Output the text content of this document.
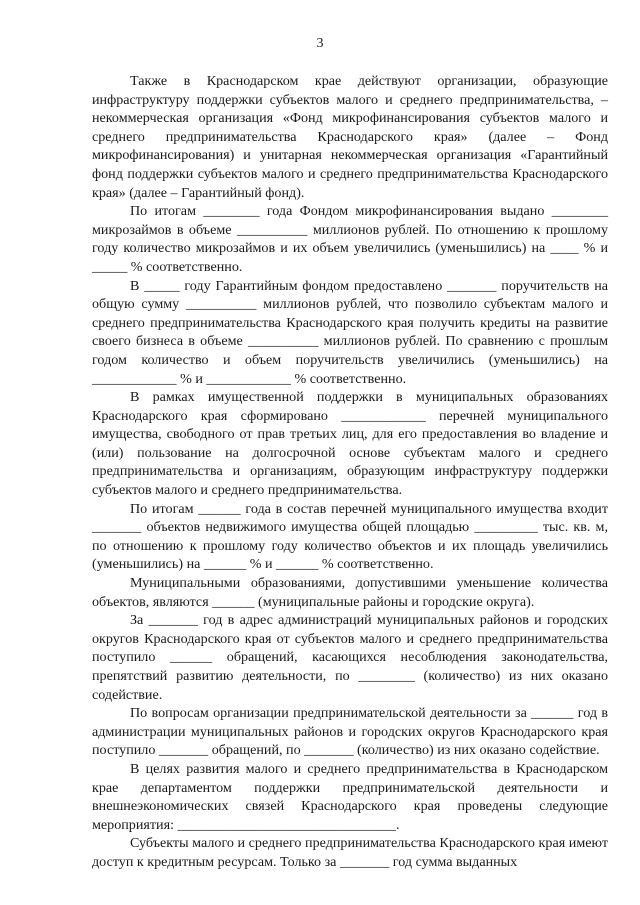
3

Также в Краснодарском крае действуют организации, образующие инфраструктуру поддержки субъектов малого и среднего предпринимательства, – некоммерческая организация «Фонд микрофинансирования субъектов малого и среднего предпринимательства Краснодарского края» (далее – Фонд микрофинансирования) и унитарная некоммерческая организация «Гарантийный фонд поддержки субъектов малого и среднего предпринимательства Краснодарского края» (далее – Гарантийный фонд).

По итогам ________ года Фондом микрофинансирования выдано ________ микрозаймов в объеме __________ миллионов рублей. По отношению к прошлому году количество микрозаймов и их объем увеличились (уменьшились) на ____ % и _____ % соответственно.

В _____ году Гарантийным фондом предоставлено _______ поручительств на общую сумму __________ миллионов рублей, что позволило субъектам малого и среднего предпринимательства Краснодарского края получить кредиты на развитие своего бизнеса в объеме __________ миллионов рублей. По сравнению с прошлым годом количество и объем поручительств увеличились (уменьшились) на ____________ % и ____________ % соответственно.

В рамках имущественной поддержки в муниципальных образованиях Краснодарского края сформировано ____________ перечней муниципального имущества, свободного от прав третьих лиц, для его предоставления во владение и (или) пользование на долгосрочной основе субъектам малого и среднего предпринимательства и организациям, образующим инфраструктуру поддержки субъектов малого и среднего предпринимательства.

По итогам ______ года в состав перечней муниципального имущества входит _______ объектов недвижимого имущества общей площадью _________ тыс. кв. м, по отношению к прошлому году количество объектов и их площадь увеличились (уменьшились) на ______ % и ______ % соответственно.

Муниципальными образованиями, допустившими уменьшение количества объектов, являются ______ (муниципальные районы и городские округа).

За _______ год в адрес администраций муниципальных районов и городских округов Краснодарского края от субъектов малого и среднего предпринимательства поступило ______ обращений, касающихся несоблюдения законодательства, препятствий развитию деятельности, по ________ (количество) из них оказано содействие.

По вопросам организации предпринимательской деятельности за ______ год в администрации муниципальных районов и городских округов Краснодарского края поступило _______ обращений, по _______ (количество) из них оказано содействие.

В целях развития малого и среднего предпринимательства в Краснодарском крае департаментом поддержки предпринимательской деятельности и внешнеэкономических связей Краснодарского края проведены следующие мероприятия: _______________________________.

Субъекты малого и среднего предпринимательства Краснодарского края имеют доступ к кредитным ресурсам. Только за _______ год сумма выданных
